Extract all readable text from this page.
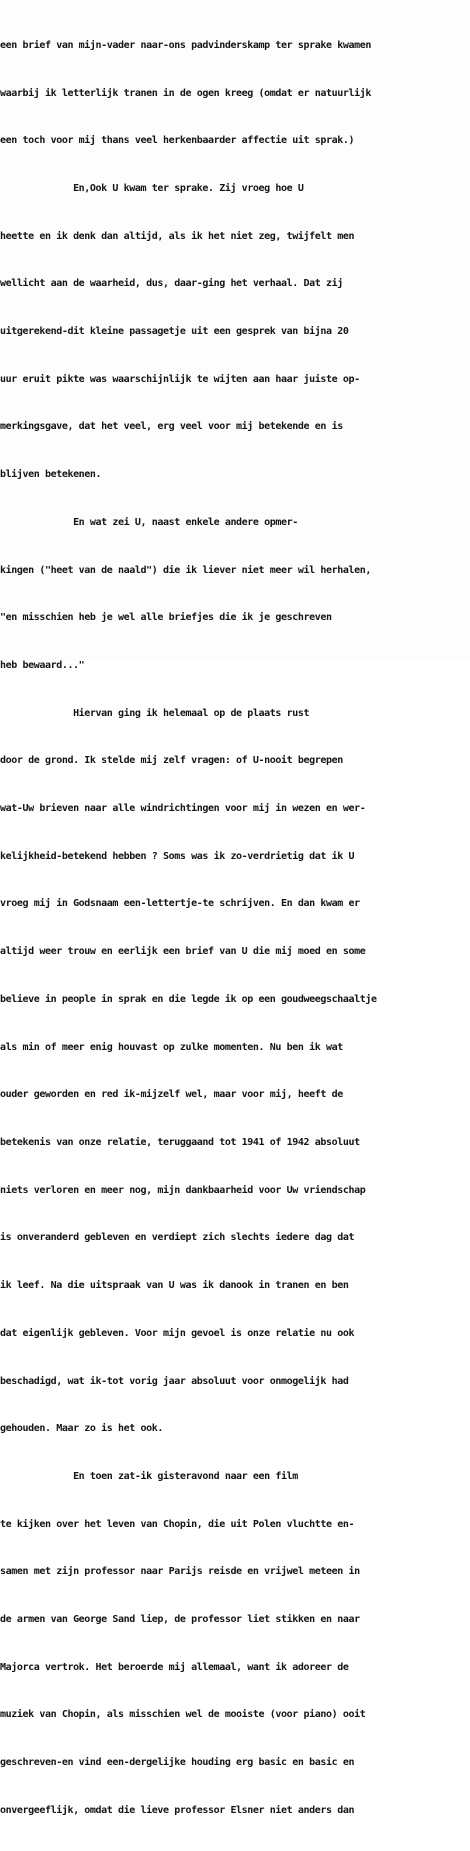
een brief van mijn-vader naar-ons padvinderskamp ter sprake kwamen

waarbij ik letterlijk tranen in de ogen kreeg (omdat er natuurlijk

een toch voor mij thans veel herkenbaarder affectie uit sprak.)

En,Ook U kwam ter sprake. Zij vroeg hoe U

heette en ik denk dan altijd, als ik het niet zeg, twijfelt men

wellicht aan de waarheid, dus, daar-ging het verhaal. Dat zij

uitgerekend-dit kleine passagetje uit een gesprek van bijna 20

uur eruit pikte was waarschijnlijk te wijten aan haar juiste op-

merkingsgave, dat het veel, erg veel voor mij betekende en is

blijven betekenen.

En wat zei U, naast enkele andere opmer-

kingen ("heet van de naald") die ik liever niet meer wil herhalen,

"en misschien heb je wel alle briefjes die ik je geschreven

heb bewaard..."

Hiervan ging ik helemaal op de plaats rust

door de grond. Ik stelde mij zelf vragen: of U-nooit begrepen

wat-Uw brieven naar alle windrichtingen voor mij in wezen en wer-

kelijkheid-betekend hebben ? Soms was ik zo-verdrietig dat ik U

vroeg mij in Godsnaam een-lettertje-te schrijven. En dan kwam er

altijd weer trouw en eerlijk een brief van U die mij moed en some

believe in people in sprak en die legde ik op een goudweegschaaltje

als min of meer enig houvast op zulke momenten. Nu ben ik wat

ouder geworden en red ik-mijzelf wel, maar voor mij, heeft de

betekenis van onze relatie, teruggaand tot 1941 of 1942 absoluut

niets verloren en meer nog, mijn dankbaarheid voor Uw vriendschap

is onveranderd gebleven en verdiept zich slechts iedere dag dat

ik leef. Na die uitspraak van U was ik danook in tranen en ben

dat eigenlijk gebleven. Voor mijn gevoel is onze relatie nu ook

beschadigd, wat ik-tot vorig jaar absoluut voor onmogelijk had

gehouden. Maar zo is het ook.

En toen zat-ik gisteravond naar een film

te kijken over het leven van Chopin, die uit Polen vluchtte en-

samen met zijn professor naar Parijs reisde en vrijwel meteen in

de armen van George Sand liep, de professor liet stikken en naar

Majorca vertrok. Het beroerde mij allemaal, want ik adoreer de

muziek van Chopin, als misschien wel de mooiste (voor piano) ooit

geschreven-en vind een-dergelijke houding erg basic en basic en

onvergeeflijk, omdat die lieve professor Elsner niet anders dan
